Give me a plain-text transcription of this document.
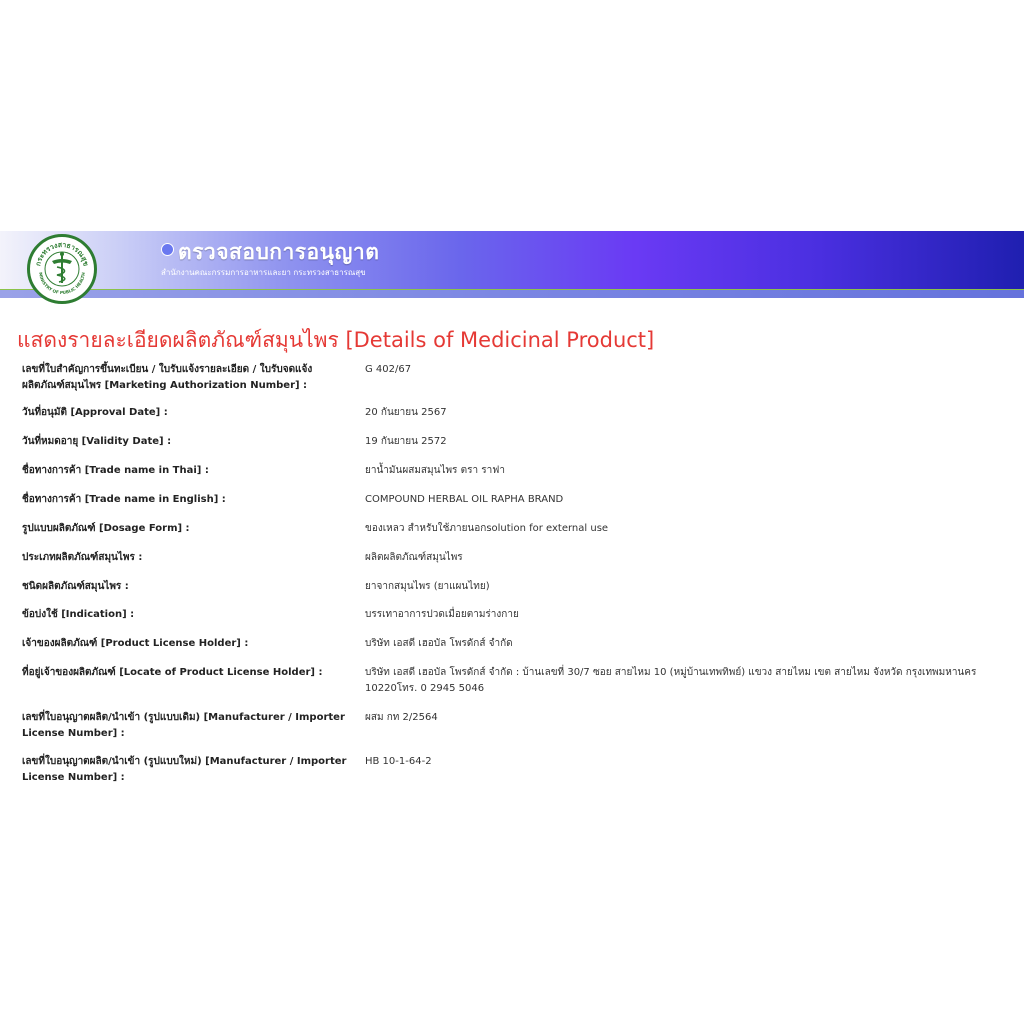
กระทรวงสาธารณสุข
MINISTRY OF PUBLIC HEALTH
ตรวจสอบการอนุญาต
สำนักงานคณะกรรมการอาหารและยา กระทรวงสาธารณสุข
แสดงรายละเอียดผลิตภัณฑ์สมุนไพร [Details of Medicinal Product]
เลขที่ใบสำคัญการขึ้นทะเบียน / ใบรับแจ้งรายละเอียด / ใบรับจดแจ้งผลิตภัณฑ์สมุนไพร [Marketing Authorization Number] :
G 402/67
วันที่อนุมัติ [Approval Date] :	20 กันยายน 2567
วันที่หมดอายุ [Validity Date] :	19 กันยายน 2572
ชื่อทางการค้า [Trade name in Thai] :	ยาน้ำมันผสมสมุนไพร ตรา ราฟา
ชื่อทางการค้า [Trade name in English] :	COMPOUND HERBAL OIL RAPHA BRAND
รูปแบบผลิตภัณฑ์ [Dosage Form] :	ของเหลว สำหรับใช้ภายนอกsolution for external use
ประเภทผลิตภัณฑ์สมุนไพร :	ผลิตผลิตภัณฑ์สมุนไพร
ชนิดผลิตภัณฑ์สมุนไพร :	ยาจากสมุนไพร (ยาแผนไทย)
ข้อบ่งใช้ [Indication] :	บรรเทาอาการปวดเมื่อยตามร่างกาย
เจ้าของผลิตภัณฑ์ [Product License Holder] :	บริษัท เอสดี เฮอบัล โพรดักส์ จำกัด
ที่อยู่เจ้าของผลิตภัณฑ์ [Locate of Product License Holder] :	บริษัท เอสดี เฮอบัล โพรดักส์ จำกัด : บ้านเลขที่ 30/7 ซอย สายไหม 10 (หมู่บ้านเทพทิพย์) แขวง สายไหม เขต สายไหม จังหวัด กรุงเทพมหานคร 10220โทร. 0 2945 5046
เลขที่ใบอนุญาตผลิต/นำเข้า (รูปแบบเดิม) [Manufacturer / Importer License Number] :
ผสม กท 2/2564
เลขที่ใบอนุญาตผลิต/นำเข้า (รูปแบบใหม่) [Manufacturer / Importer License Number] :
HB 10-1-64-2
